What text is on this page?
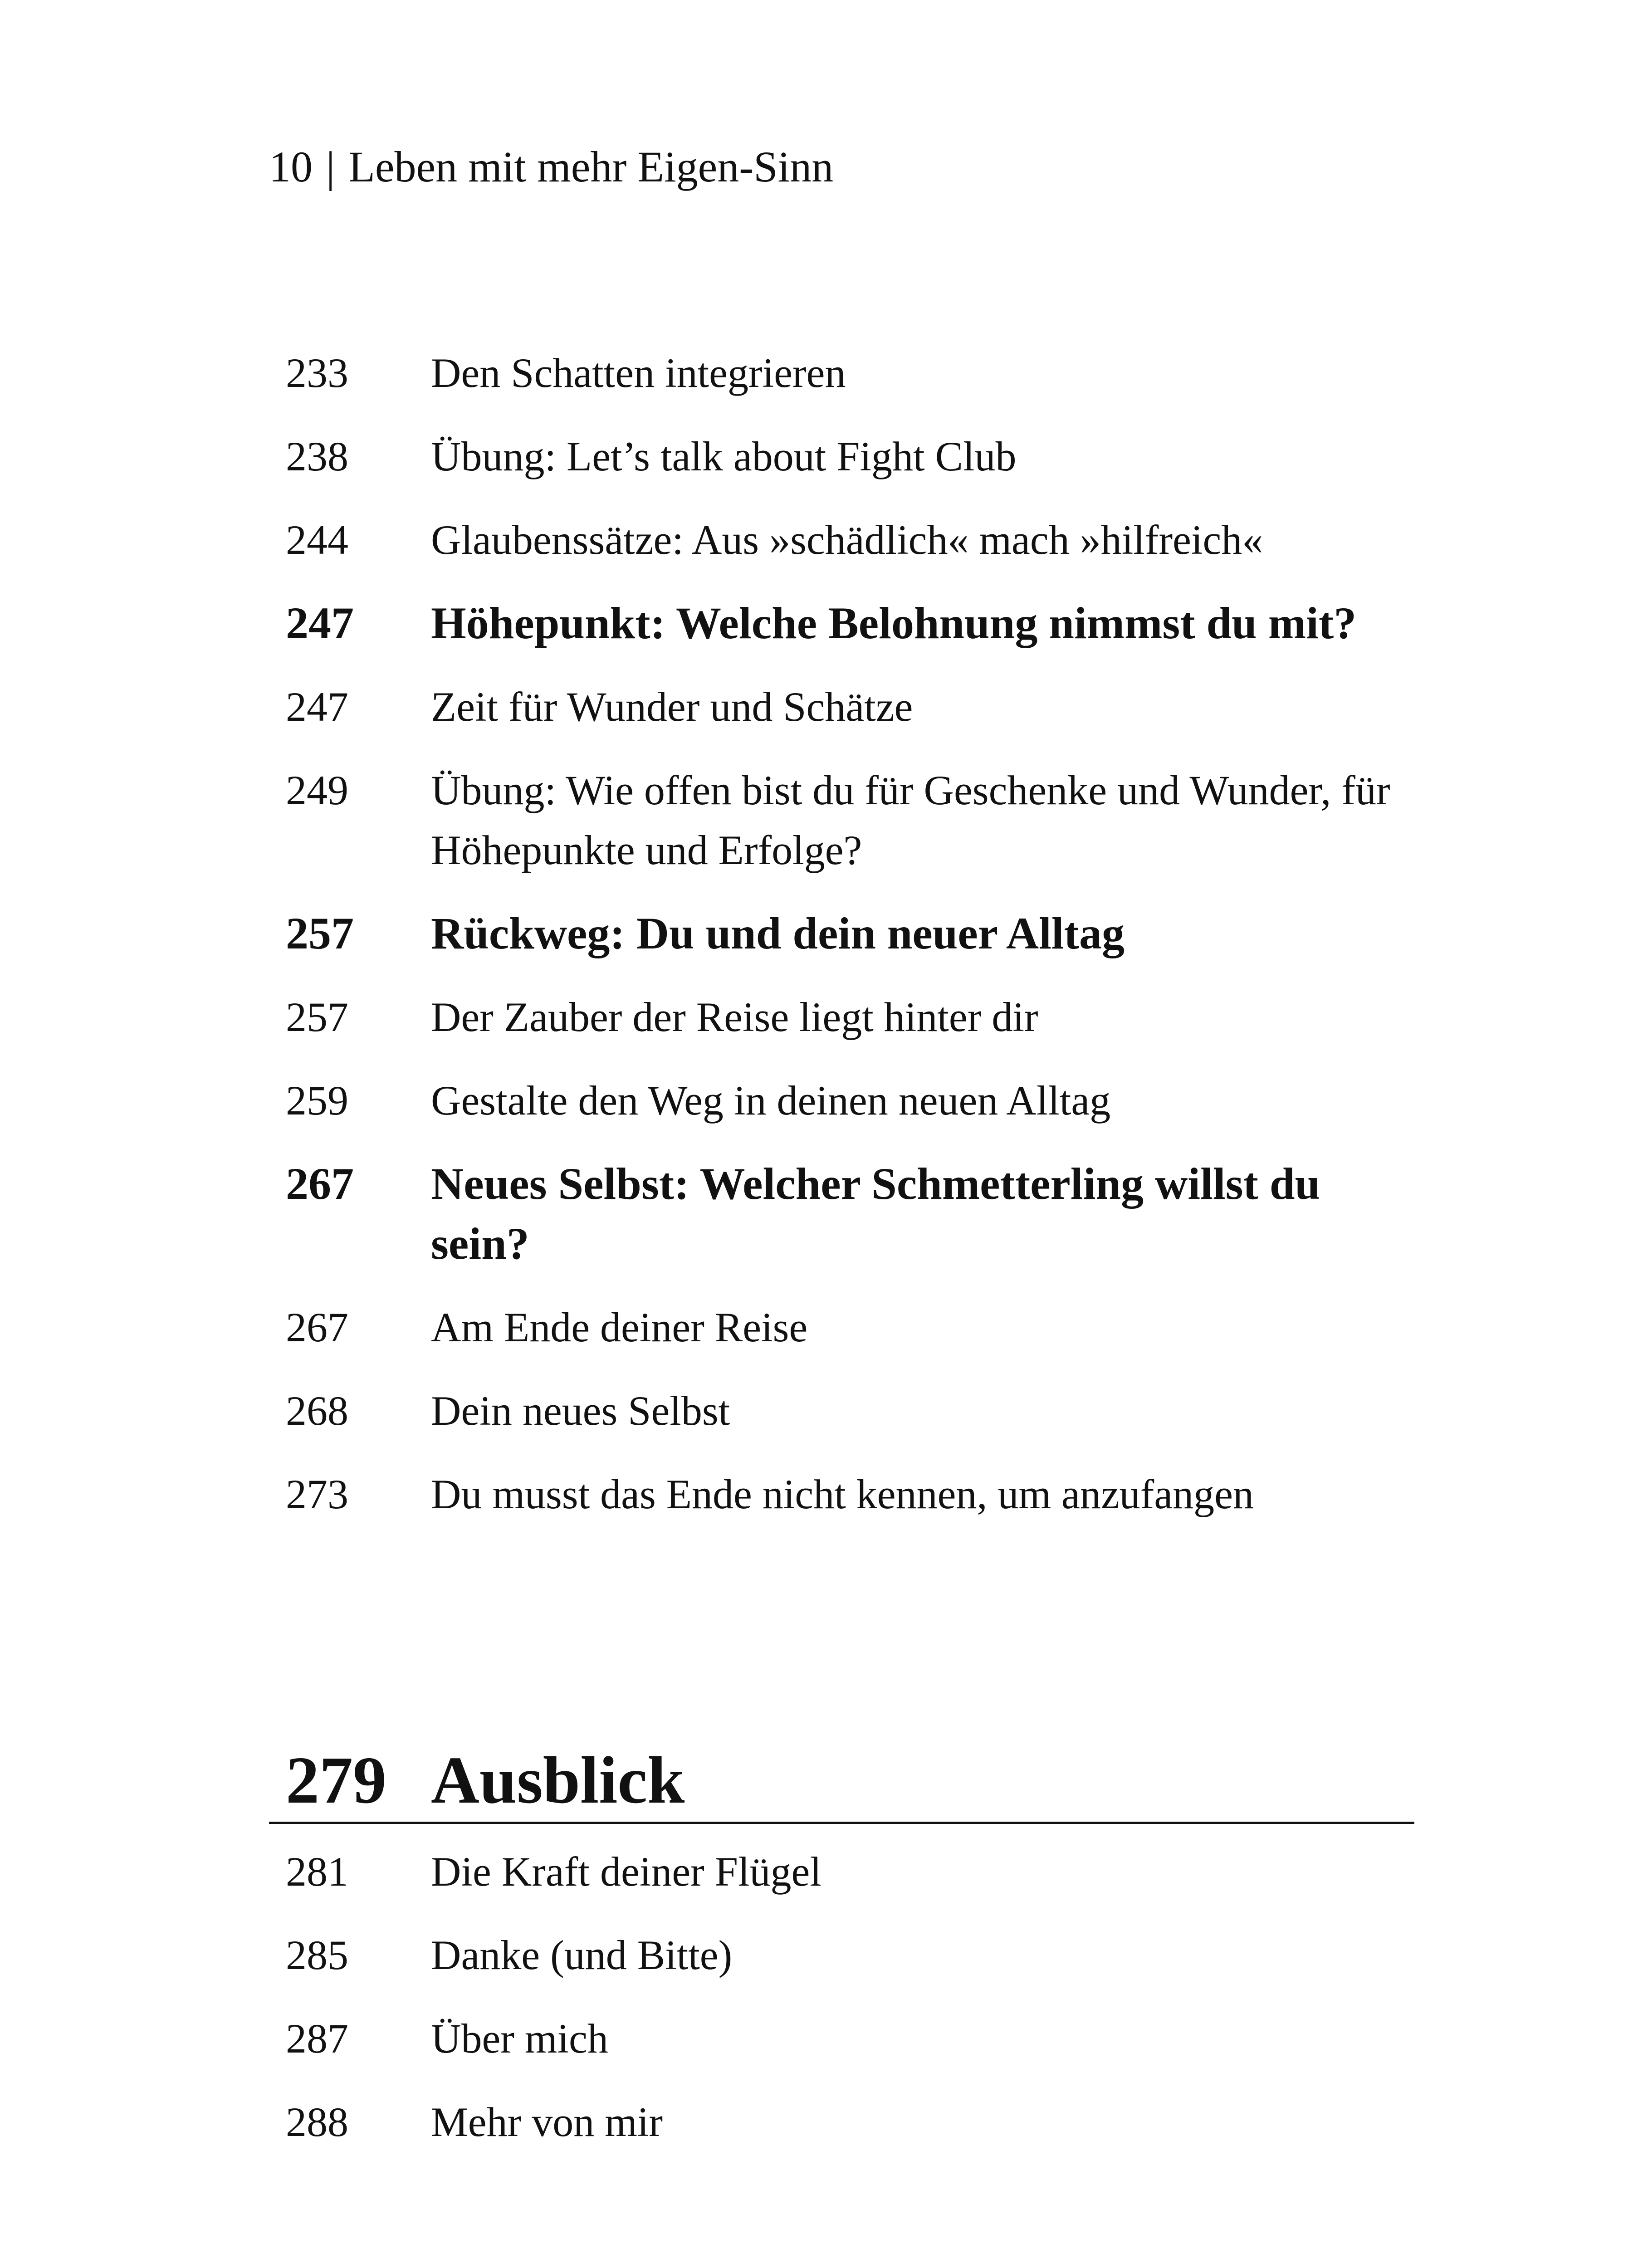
10 | Leben mit mehr Eigen-Sinn
233	Den Schatten integrieren
238	Übung: Let’s talk about Fight Club
244	Glaubenssätze: Aus »schädlich« mach »hilfreich«
247	Höhepunkt: Welche Belohnung nimmst du mit?
247	Zeit für Wunder und Schätze
249	Übung: Wie offen bist du für Geschenke und Wunder, für Höhepunkte und Erfolge?
257	Rückweg: Du und dein neuer Alltag
257	Der Zauber der Reise liegt hinter dir
259	Gestalte den Weg in deinen neuen Alltag
267	Neues Selbst: Welcher Schmetterling willst du sein?
267	Am Ende deiner Reise
268	Dein neues Selbst
273	Du musst das Ende nicht kennen, um anzufangen
279 Ausblick
281	Die Kraft deiner Flügel
285	Danke (und Bitte)
287	Über mich
288	Mehr von mir
